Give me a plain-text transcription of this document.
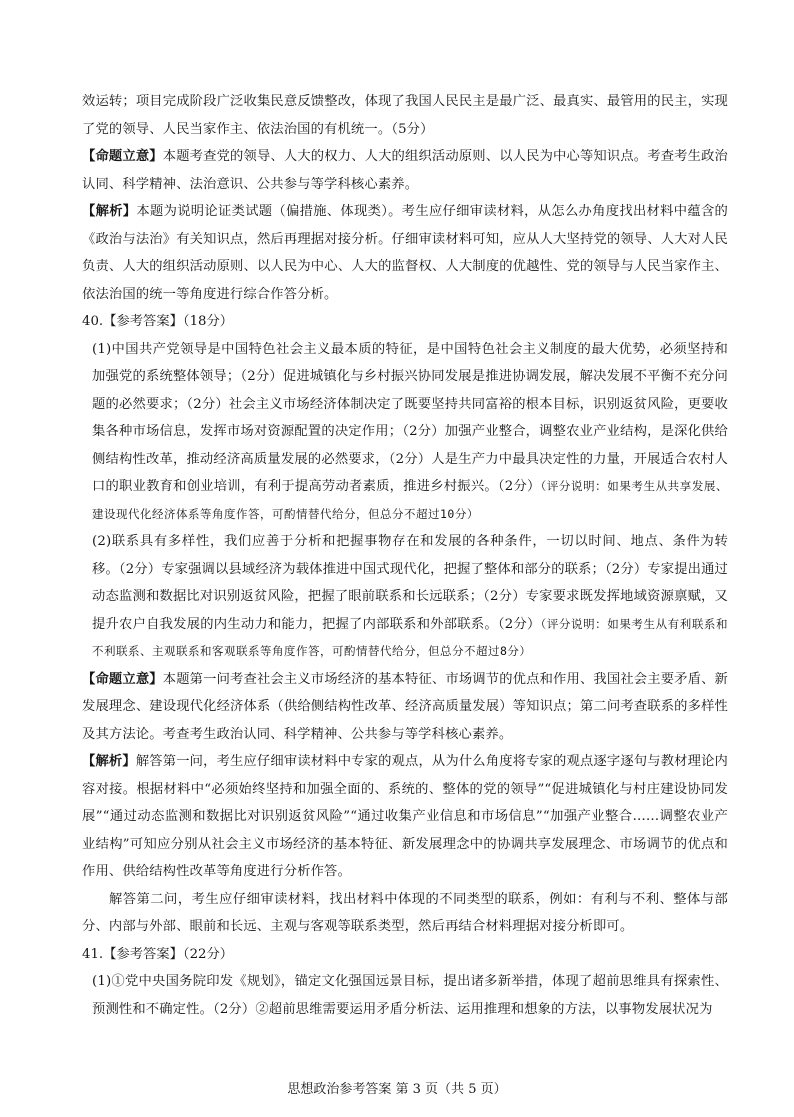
效运转；项目完成阶段广泛收集民意反馈整改，体现了我国人民民主是最广泛、最真实、最管用的民主，实现了党的领导、人民当家作主、依法治国的有机统一。（5分）

【命题立意】本题考查党的领导、人大的权力、人大的组织活动原则、以人民为中心等知识点。考查考生政治认同、科学精神、法治意识、公共参与等学科核心素养。

【解析】本题为说明论证类试题（偏措施、体现类）。考生应仔细审读材料，从怎么办角度找出材料中蕴含的《政治与法治》有关知识点，然后再理据对接分析。仔细审读材料可知，应从人大坚持党的领导、人大对人民负责、人大的组织活动原则、以人民为中心、人大的监督权、人大制度的优越性、党的领导与人民当家作主、依法治国的统一等角度进行综合作答分析。

40.【参考答案】（18分）

(1)中国共产党领导是中国特色社会主义最本质的特征，是中国特色社会主义制度的最大优势，必须坚持和加强党的系统整体领导；（2分）促进城镇化与乡村振兴协同发展是推进协调发展，解决发展不平衡不充分问题的必然要求；（2分）社会主义市场经济体制决定了既要坚持共同富裕的根本目标，识别返贫风险，更要收集各种市场信息，发挥市场对资源配置的决定作用；（2分）加强产业整合，调整农业产业结构，是深化供给侧结构性改革，推动经济高质量发展的必然要求，（2分）人是生产力中最具决定性的力量，开展适合农村人口的职业教育和创业培训，有利于提高劳动者素质，推进乡村振兴。（2分）（评分说明：如果考生从共享发展、建设现代化经济体系等角度作答，可酌情替代给分，但总分不超过10分）

(2)联系具有多样性，我们应善于分析和把握事物存在和发展的各种条件，一切以时间、地点、条件为转移。（2分）专家强调以县域经济为载体推进中国式现代化，把握了整体和部分的联系；（2分）专家提出通过动态监测和数据比对识别返贫风险，把握了眼前联系和长远联系；（2分）专家要求既发挥地域资源禀赋，又提升农户自我发展的内生动力和能力，把握了内部联系和外部联系。（2分）（评分说明：如果考生从有利联系和不利联系、主观联系和客观联系等角度作答，可酌情替代给分，但总分不超过8分）

【命题立意】本题第一问考查社会主义市场经济的基本特征、市场调节的优点和作用、我国社会主要矛盾、新发展理念、建设现代化经济体系（供给侧结构性改革、经济高质量发展）等知识点；第二问考查联系的多样性及其方法论。考查考生政治认同、科学精神、公共参与等学科核心素养。

【解析】解答第一问，考生应仔细审读材料中专家的观点，从为什么角度将专家的观点逐字逐句与教材理论内容对接。根据材料中“必须始终坚持和加强全面的、系统的、整体的党的领导”“促进城镇化与村庄建设协同发展”“通过动态监测和数据比对识别返贫风险”“通过收集产业信息和市场信息”“加强产业整合……调整农业产业结构”可知应分别从社会主义市场经济的基本特征、新发展理念中的协调共享发展理念、市场调节的优点和作用、供给结构性改革等角度进行分析作答。

解答第二问，考生应仔细审读材料，找出材料中体现的不同类型的联系，例如：有利与不利、整体与部分、内部与外部、眼前和长远、主观与客观等联系类型，然后再结合材料理据对接分析即可。

41.【参考答案】（22分）

(1)①党中央国务院印发《规划》，锚定文化强国远景目标，提出诸多新举措，体现了超前思维具有探索性、预测性和不确定性。（2分）②超前思维需要运用矛盾分析法、运用推理和想象的方法，以事物发展状况为

思想政治参考答案 第 3 页（共 5 页）
